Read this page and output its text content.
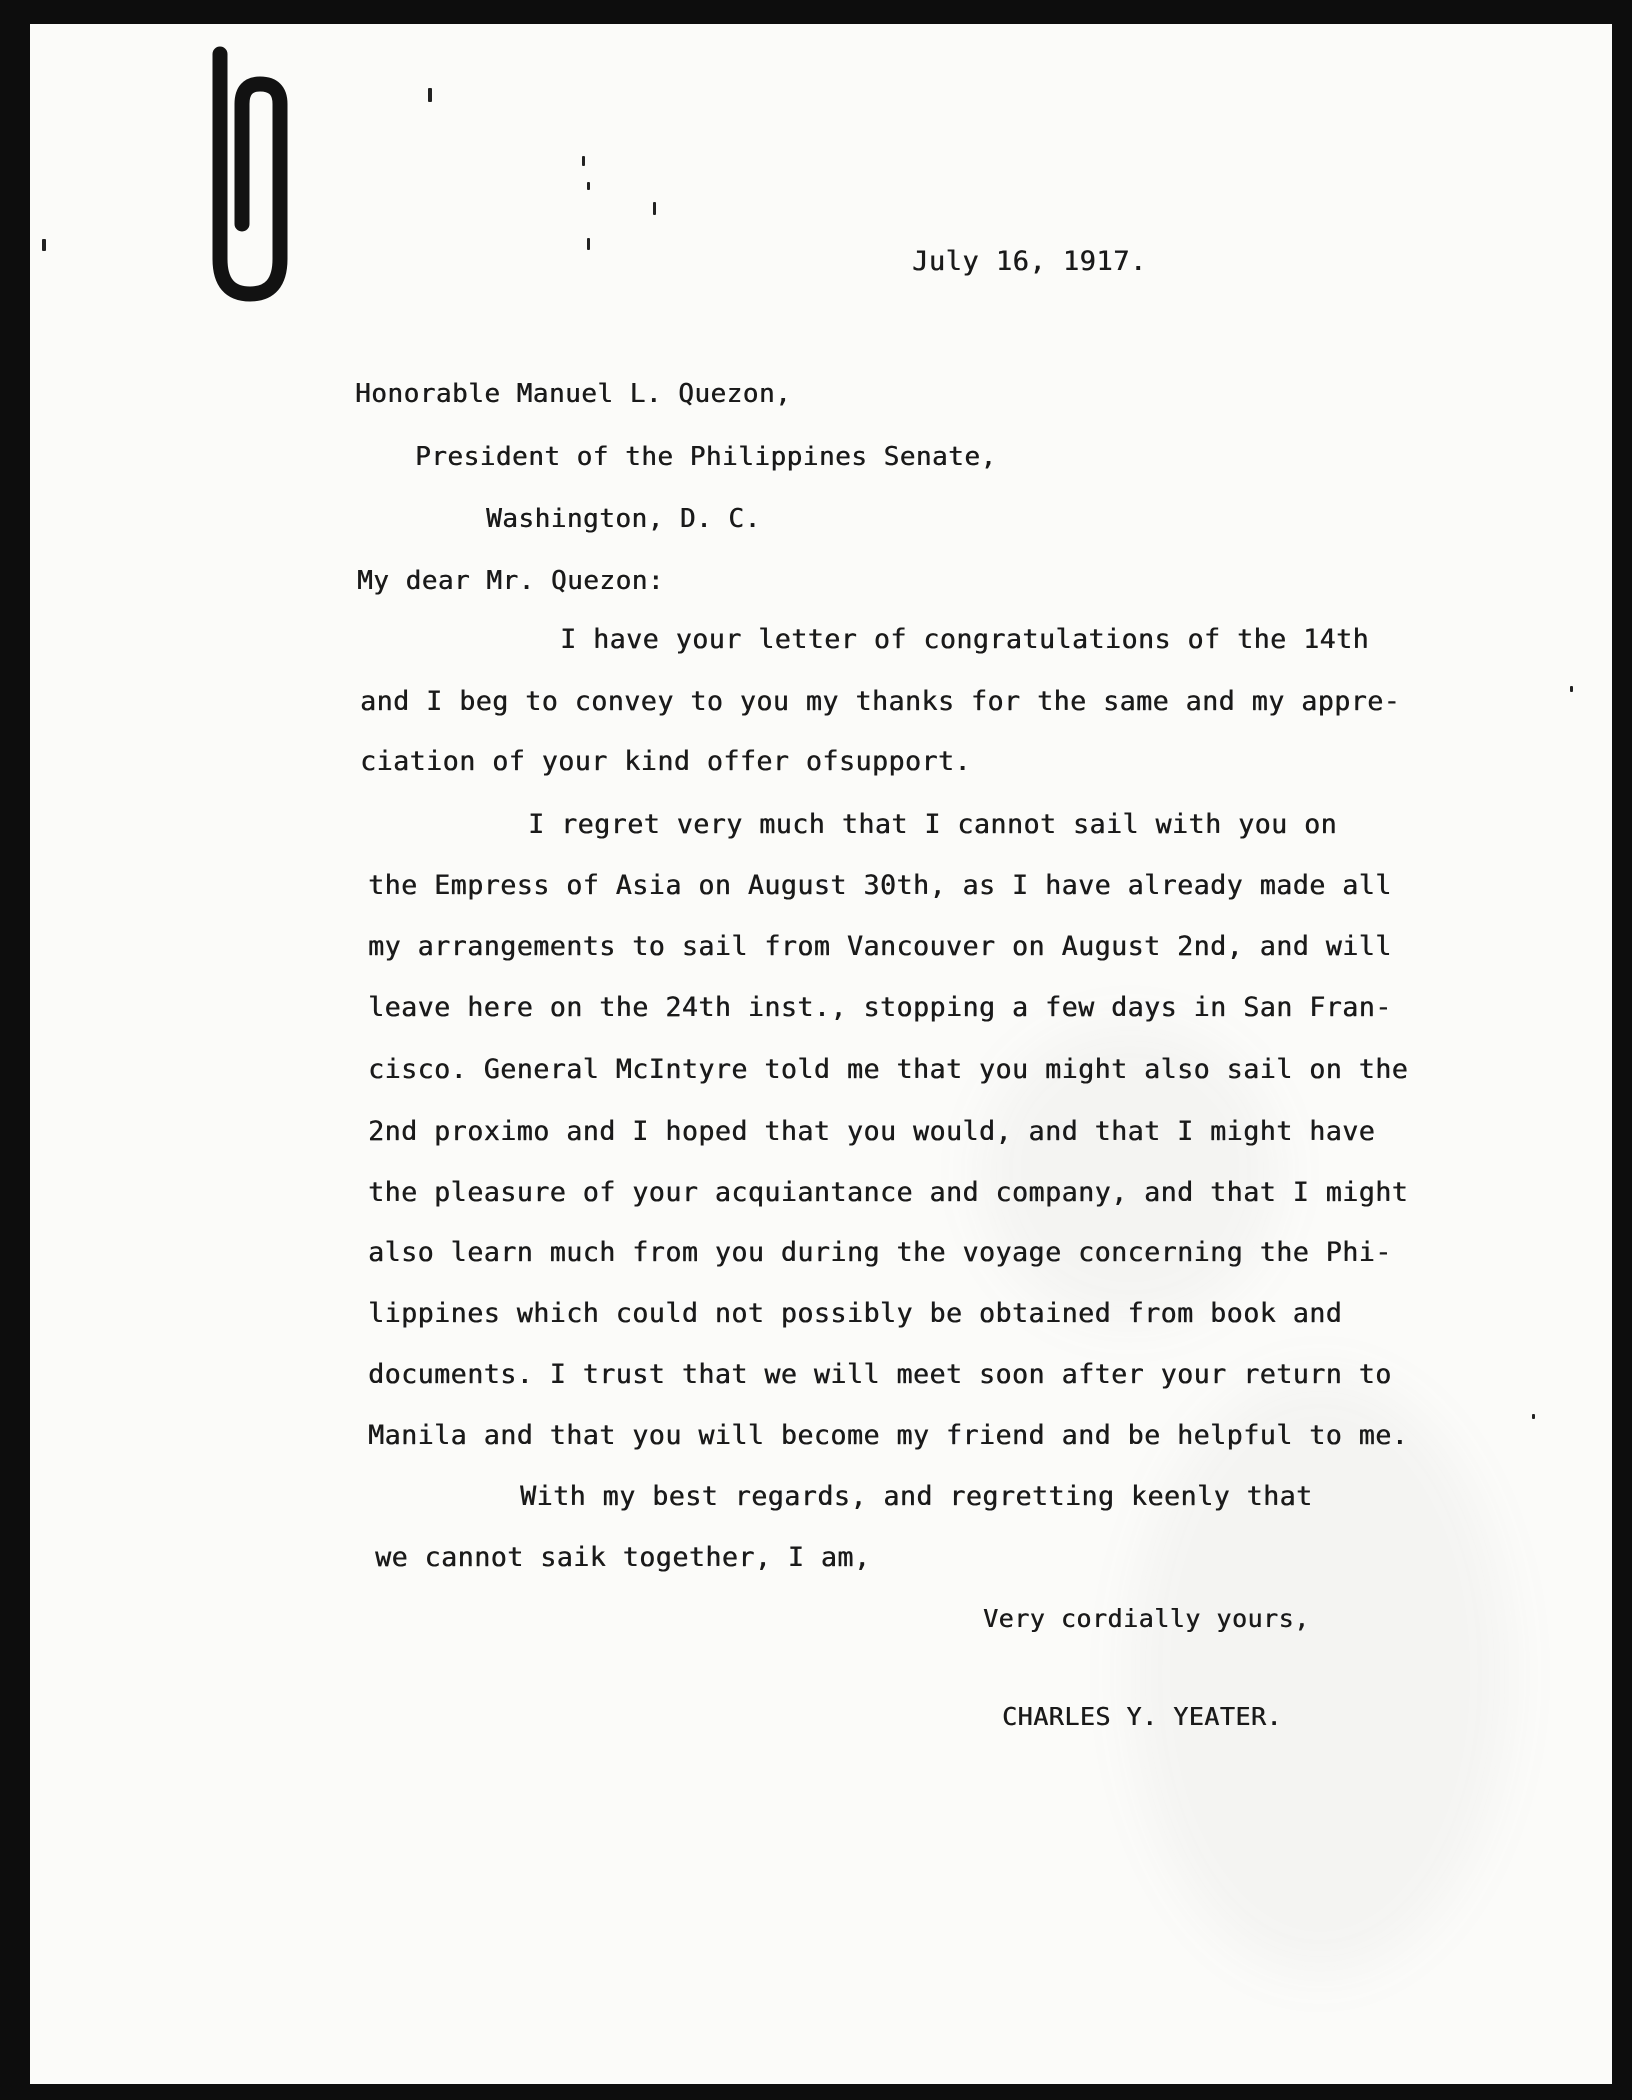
July 16, 1917.
Honorable Manuel L. Quezon,
President of the Philippines Senate,
Washington, D. C.
My dear Mr. Quezon:
I have your letter of congratulations of the 14th
and I beg to convey to you my thanks for the same and my appre-
ciation of your kind offer ofsupport.
I regret very much that I cannot sail with you on
the Empress of Asia on August 30th, as I have already made all
my arrangements to sail from Vancouver on August 2nd, and will
leave here on the 24th inst., stopping a few days in San Fran-
cisco. General McIntyre told me that you might also sail on the
2nd proximo and I hoped that you would, and that I might have
the pleasure of your acquiantance and company, and that I might
also learn much from you during the voyage concerning the Phi-
lippines which could not possibly be obtained from book and
documents. I trust that we will meet soon after your return to
Manila and that you will become my friend and be helpful to me.
With my best regards, and regretting keenly that
we cannot saik together, I am,
Very cordially yours,
CHARLES Y. YEATER.
